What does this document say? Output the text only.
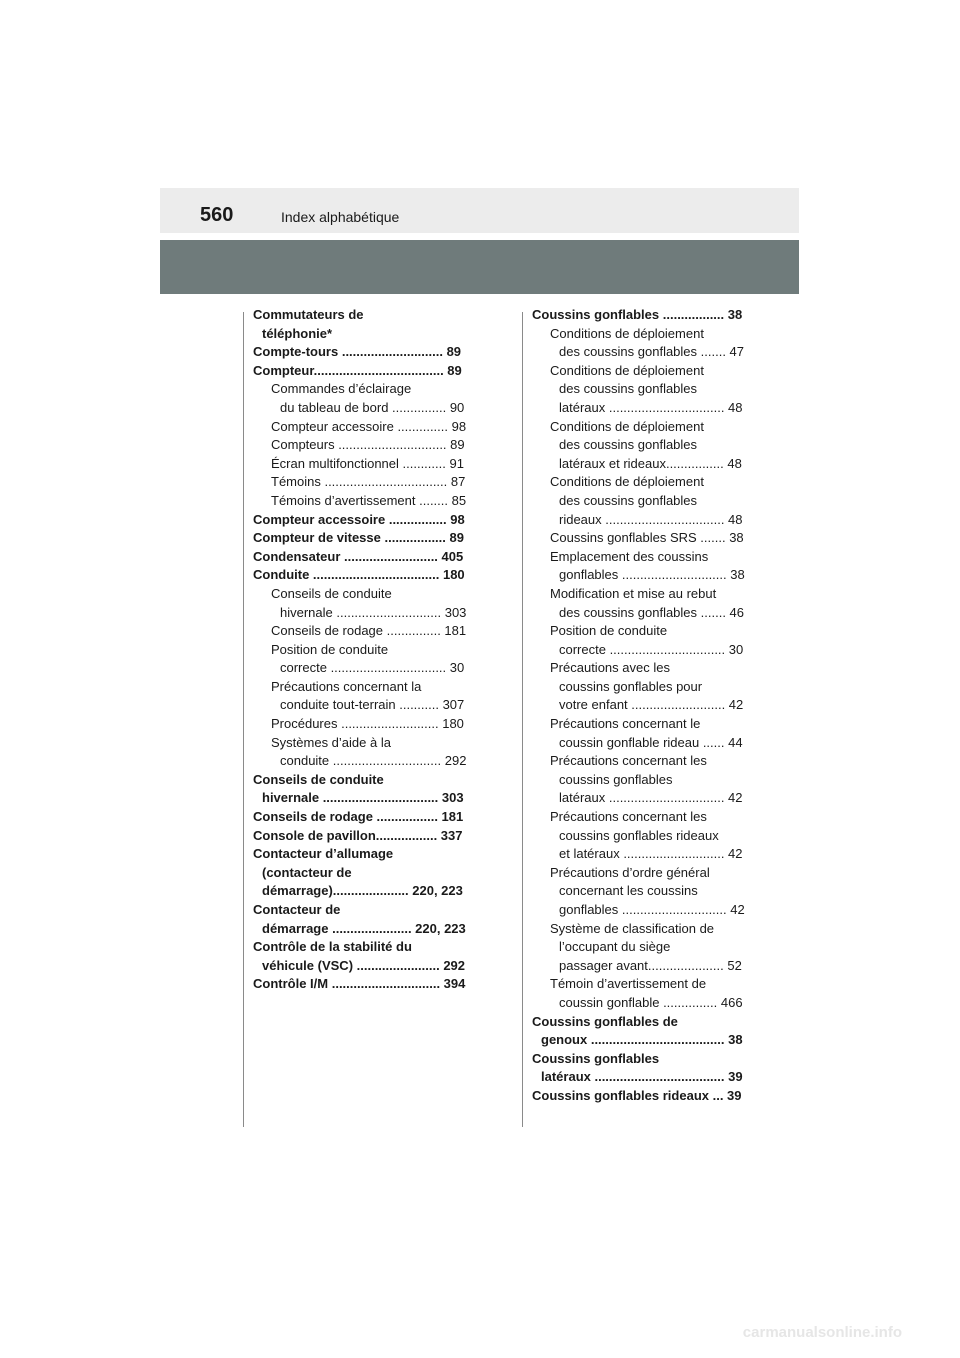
560	Index alphabétique
Commutateurs de
téléphonie*
Compte-tours ............................ 89
Compteur.................................... 89
Commandes d’éclairage
du tableau de bord ............... 90
Compteur accessoire .............. 98
Compteurs .............................. 89
Écran multifonctionnel ............ 91
Témoins .................................. 87
Témoins d’avertissement ........ 85
Compteur accessoire ................ 98
Compteur de vitesse ................. 89
Condensateur .......................... 405
Conduite ................................... 180
Conseils de conduite
hivernale ............................. 303
Conseils de rodage ............... 181
Position de conduite
correcte ................................ 30
Précautions concernant la
conduite tout-terrain ........... 307
Procédures ........................... 180
Systèmes d’aide à la
conduite .............................. 292
Conseils de conduite
hivernale ................................ 303
Conseils de rodage ................. 181
Console de pavillon................. 337
Contacteur d’allumage
(contacteur de
démarrage)..................... 220, 223
Contacteur de
démarrage ...................... 220, 223
Contrôle de la stabilité du
véhicule (VSC) ....................... 292
Contrôle I/M .............................. 394
Coussins gonflables ................. 38
Conditions de déploiement
des coussins gonflables ....... 47
Conditions de déploiement
des coussins gonflables
latéraux ................................ 48
Conditions de déploiement
des coussins gonflables
latéraux et rideaux................ 48
Conditions de déploiement
des coussins gonflables
rideaux ................................. 48
Coussins gonflables SRS ....... 38
Emplacement des coussins
gonflables ............................. 38
Modification et mise au rebut
des coussins gonflables ....... 46
Position de conduite
correcte ................................ 30
Précautions avec les
coussins gonflables pour
votre enfant .......................... 42
Précautions concernant le
coussin gonflable rideau ...... 44
Précautions concernant les
coussins gonflables
latéraux ................................ 42
Précautions concernant les
coussins gonflables rideaux
et latéraux ............................ 42
Précautions d’ordre général
concernant les coussins
gonflables ............................. 42
Système de classification de
l’occupant du siège
passager avant..................... 52
Témoin d’avertissement de
coussin gonflable ............... 466
Coussins gonflables de
genoux ..................................... 38
Coussins gonflables
latéraux .................................... 39
Coussins gonflables rideaux ... 39
carmanualsonline.info
